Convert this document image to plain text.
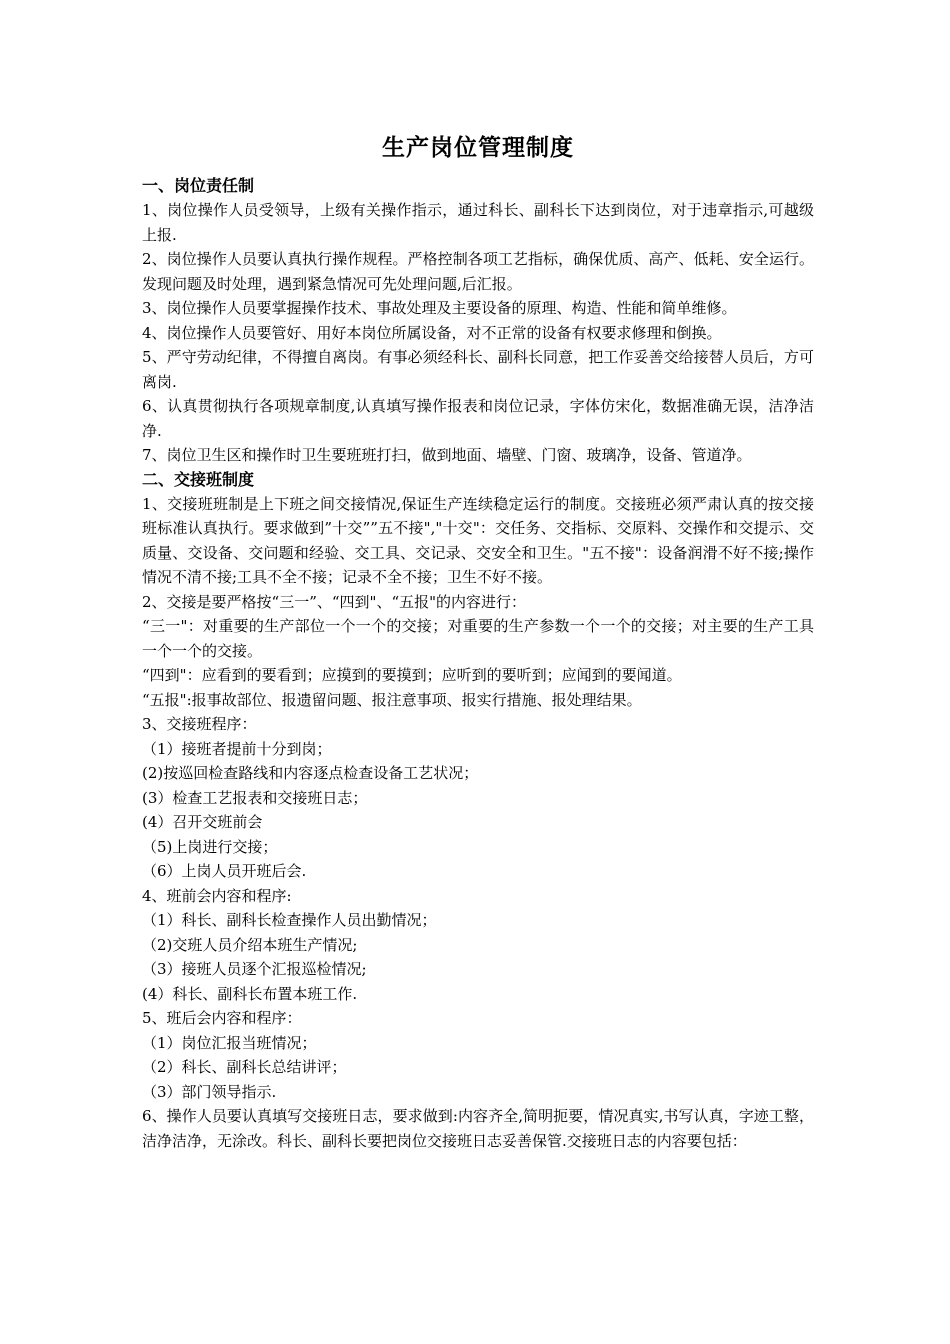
生产岗位管理制度
一、岗位责任制

1、岗位操作人员受领导，上级有关操作指示，通过科长、副科长下达到岗位，对于违章指示,可越级上报.

2、岗位操作人员要认真执行操作规程。严格控制各项工艺指标，确保优质、高产、低耗、安全运行。发现问题及时处理，遇到紧急情况可先处理问题,后汇报。

3、岗位操作人员要掌握操作技术、事故处理及主要设备的原理、构造、性能和简单维修。

4、岗位操作人员要管好、用好本岗位所属设备，对不正常的设备有权要求修理和倒换。

5、严守劳动纪律，不得擅自离岗。有事必须经科长、副科长同意，把工作妥善交给接替人员后，方可离岗.

6、认真贯彻执行各项规章制度,认真填写操作报表和岗位记录，字体仿宋化，数据准确无误，洁净洁净.

7、岗位卫生区和操作时卫生要班班打扫，做到地面、墙壁、门窗、玻璃净，设备、管道净。

二、交接班制度

1、交接班班制是上下班之间交接情况,保证生产连续稳定运行的制度。交接班必须严肃认真的按交接班标准认真执行。要求做到”十交””五不接","十交"：交任务、交指标、交原料、交操作和交提示、交质量、交设备、交问题和经验、交工具、交记录、交安全和卫生。"五不接"：设备润滑不好不接;操作情况不清不接;工具不全不接；记录不全不接；卫生不好不接。

2、交接是要严格按“三一”、“四到"、“五报"的内容进行：

“三一"：对重要的生产部位一个一个的交接；对重要的生产参数一个一个的交接；对主要的生产工具一个一个的交接。

“四到"：应看到的要看到；应摸到的要摸到；应听到的要听到；应闻到的要闻道。

“五报":报事故部位、报遗留问题、报注意事项、报实行措施、报处理结果。

3、交接班程序：

（1）接班者提前十分到岗；

(2)按巡回检查路线和内容逐点检查设备工艺状况；

(3）检查工艺报表和交接班日志；

(4）召开交班前会

（5)上岗进行交接；

（6）上岗人员开班后会.

4、班前会内容和程序:

（1）科长、副科长检查操作人员出勤情况；

（2)交班人员介绍本班生产情况;

（3）接班人员逐个汇报巡检情况;

(4）科长、副科长布置本班工作.

5、班后会内容和程序：

（1）岗位汇报当班情况；

（2）科长、副科长总结讲评；

（3）部门领导指示.

6、操作人员要认真填写交接班日志，要求做到:内容齐全,简明扼要，情况真实,书写认真，字迹工整，洁净洁净，无涂改。科长、副科长要把岗位交接班日志妥善保管.交接班日志的内容要包括：
